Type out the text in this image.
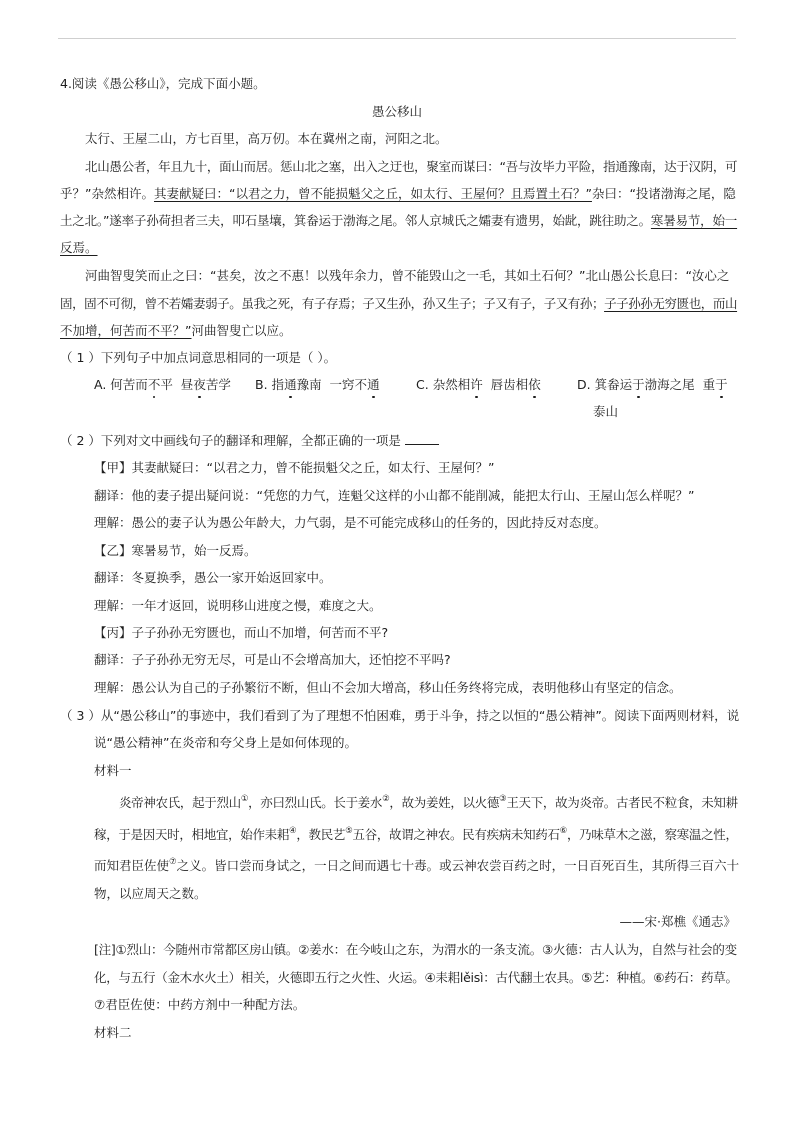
4.阅读《愚公移山》，完成下面小题。
愚公移山
太行、王屋二山，方七百里，高万仞。本在冀州之南，河阳之北。
北山愚公者，年且九十，面山而居。惩山北之塞，出入之迂也，聚室而谋曰：“吾与汝毕力平险，指通豫南，达于汉阴，可
乎？”杂然相许。其妻献疑曰：“以君之力，曾不能损魁父之丘，如太行、王屋何？且焉置土石？”杂曰：“投诸渤海之尾，隐
土之北。”遂率子孙荷担者三夫，叩石垦壤，箕畚运于渤海之尾。邻人京城氏之孀妻有遗男，始龀，跳往助之。寒暑易节，始一
反焉。
河曲智叟笑而止之曰：“甚矣，汝之不惠！以残年余力，曾不能毁山之一毛，其如土石何？”北山愚公长息曰：“汝心之
固，固不可彻，曾不若孀妻弱子。虽我之死，有子存焉；子又生孙，孙又生子；子又有子，子又有孙；子子孙孙无穷匮也，而山
不加增，何苦而不平？”河曲智叟亡以应。
（ 1 ）下列句子中加点词意思相同的一项是（ ）。
A. 何苦而不平 昼夜苦学 B. 指通豫南 一窍不通	C. 杂然相许 唇齿相依	D. 箕畚运于渤海之尾 重于
泰山
（ 2 ）下列对文中画线句子的翻译和理解，全都正确的一项是
【甲】其妻献疑曰：“以君之力，曾不能损魁父之丘，如太行、王屋何？”
翻译：他的妻子提出疑问说：“凭您的力气，连魁父这样的小山都不能削减，能把太行山、王屋山怎么样呢？”
理解：愚公的妻子认为愚公年龄大，力气弱，是不可能完成移山的任务的，因此持反对态度。
【乙】寒暑易节，始一反焉。
翻译：冬夏换季，愚公一家开始返回家中。
理解：一年才返回，说明移山进度之慢，难度之大。
【丙】子子孙孙无穷匮也，而山不加增，何苦而不平?
翻译：子子孙孙无穷无尽，可是山不会增高加大，还怕挖不平吗?
理解：愚公认为自己的子孙繁衍不断，但山不会加大增高，移山任务终将完成，表明他移山有坚定的信念。
（ 3 ）从“愚公移山”的事迹中，我们看到了为了理想不怕困难，勇于斗争，持之以恒的“愚公精神”。阅读下面两则材料，说
说“愚公精神”在炎帝和夸父身上是如何体现的。
材料一
炎帝神农氏，起于烈山①，亦曰烈山氏。长于姜水②，故为姜姓，以火德③王天下，故为炎帝。古者民不粒食，未知耕
稼，于是因天时，相地宜，始作耒耜④，教民艺⑤五谷，故谓之神农。民有疾病未知药石⑥，乃味草木之滋，察寒温之性，
而知君臣佐使⑦之义。皆口尝而身试之，一日之间而遇七十毒。或云神农尝百药之时，一日百死百生，其所得三百六十
物，以应周天之数。
——宋·郑樵《通志》
[注]①烈山：今随州市常都区房山镇。②姜水：在今岐山之东，为渭水的一条支流。③火德：古人认为，自然与社会的变
化，与五行（金木水火土）相关，火德即五行之火性、火运。④耒耜lěisì：古代翻土农具。⑤艺：种植。⑥药石：药草。
⑦君臣佐使：中药方剂中一种配方法。
材料二
